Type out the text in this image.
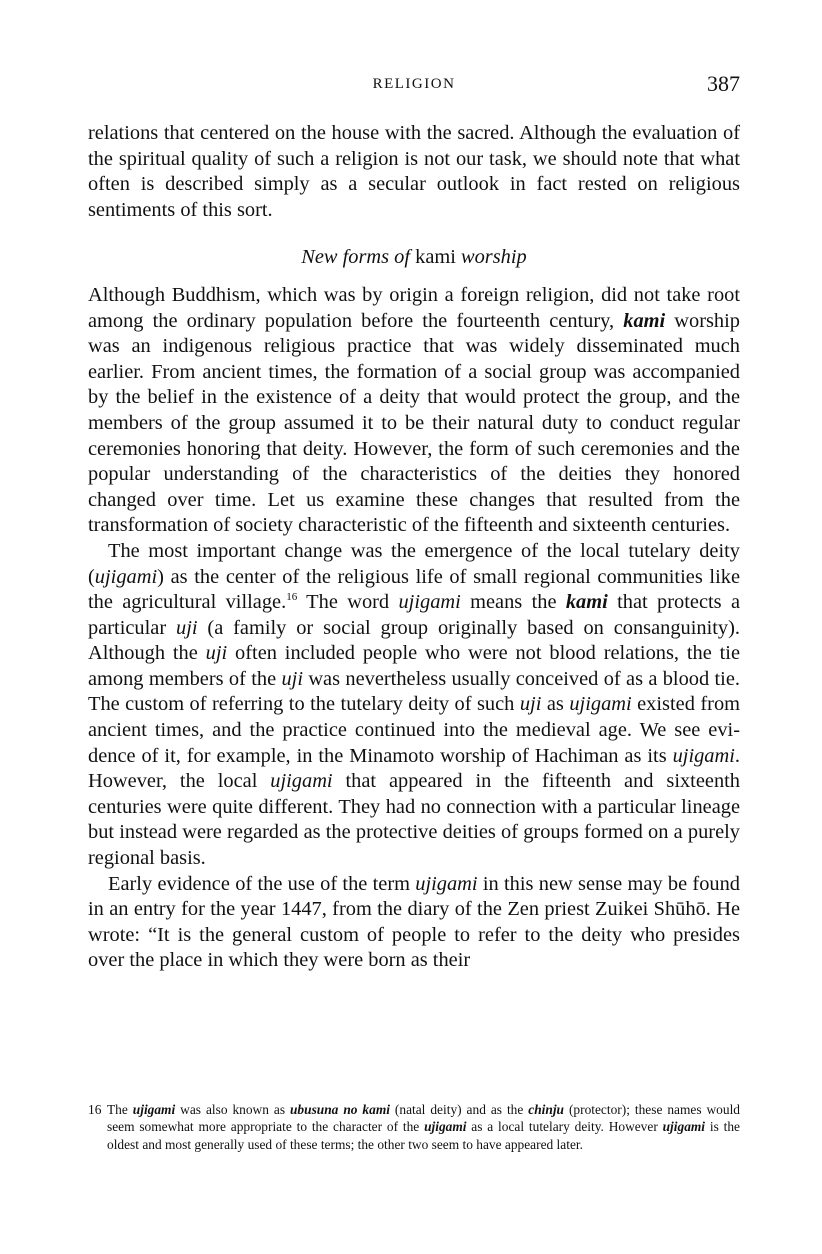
RELIGION	387

relations that centered on the house with the sacred. Although the evaluation of the spiritual quality of such a religion is not our task, we should note that what often is described simply as a secular outlook in fact rested on religious sentiments of this sort.

New forms of kami worship

Although Buddhism, which was by origin a foreign religion, did not take root among the ordinary population before the fourteenth century, kami worship was an indigenous religious practice that was widely disseminated much earlier. From ancient times, the formation of a social group was accompanied by the belief in the existence of a deity that would protect the group, and the members of the group assumed it to be their natural duty to conduct regular ceremonies honoring that deity. However, the form of such ceremonies and the popular understanding of the characteristics of the deities they honored changed over time. Let us examine these changes that resulted from the transformation of society characteristic of the fifteenth and sixteenth centuries.

The most important change was the emergence of the local tutelary deity (ujigami) as the center of the religious life of small regional communities like the agricultural village.$^{16}$ The word ujigami means the kami that protects a particular uji (a family or social group originally based on consanguinity). Although the uji often included people who were not blood relations, the tie among members of the uji was nevertheless usually conceived of as a blood tie. The custom of referring to the tutelary deity of such uji as ujigami existed from ancient times, and the practice continued into the medieval age. We see evidence of it, for example, in the Minamoto worship of Hachiman as its ujigami. However, the local ujigami that appeared in the fifteenth and sixteenth centuries were quite different. They had no connection with a particular lineage but instead were regarded as the protective deities of groups formed on a purely regional basis.

Early evidence of the use of the term ujigami in this new sense may be found in an entry for the year 1447, from the diary of the Zen priest Zuikei Shūhō. He wrote: “It is the general custom of people to refer to the deity who presides over the place in which they were born as their

16 The ujigami was also known as ubusuna no kami (natal deity) and as the chinju (protector); these names would seem somewhat more appropriate to the character of the ujigami as a local tutelary deity. However ujigami is the oldest and most generally used of these terms; the other two seem to have appeared later.
